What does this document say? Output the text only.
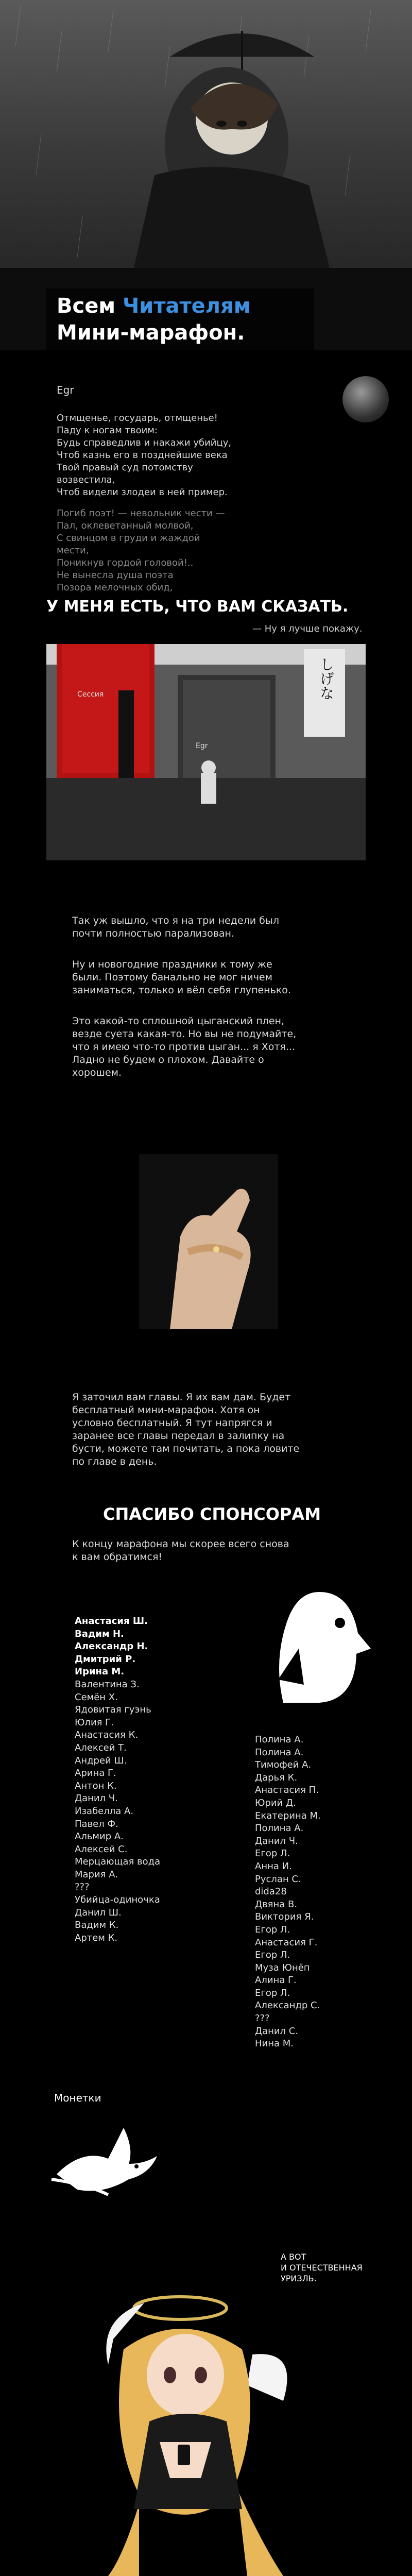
Всем Читателям
Мини-марафон.
Egr
Отмщенье, государь, отмщенье!
Паду к ногам твоим:
Будь справедлив и накажи убийцу,
Чтоб казнь его в позднейшие века
Твой правый суд потомству
возвестила,
Чтоб видели злодеи в ней пример.
Погиб поэт! — невольник чести —
Пал, оклеветанный молвой,
С свинцом в груди и жаждой
мести,
Поникнув гордой головой!..
Не вынесла душа поэта
Позора мелочных обид,
У МЕНЯ ЕСТЬ, ЧТО ВАМ СКАЗАТЬ.
— Ну я лучше покажу.
Сессия
Egr
しげな
Так уж вышло, что я на три недели был
почти полностью парализован.
Ну и новогодние праздники к тому же
были. Поэтому банально не мог ничем
заниматься, только и вёл себя глупенько.
Это какой-то сплошной цыганский плен,
везде суета какая-то. Но вы не подумайте,
что я имею что-то против цыган... я Хотя...
Ладно не будем о плохом. Давайте о
хорошем.
Я заточил вам главы. Я их вам дам. Будет
бесплатный мини-марафон. Хотя он
условно бесплатный. Я тут напрягся и
заранее все главы передал в залипку на
бусти, можете там почитать, а пока ловите
по главе в день.
СПАСИБО СПОНСОРАМ
К концу марафона мы скорее всего снова
к вам обратимся!
Анастасия Ш.
Вадим Н.
Александр Н.
Дмитрий Р.
Ирина М.
Валентина З.
Семён Х.
Ядовитая гуэнь
Юлия Г.
Анастасия К.
Алексей Т.
Андрей Ш.
Арина Г.
Антон К.
Данил Ч.
Изабелла А.
Павел Ф.
Альмир А.
Алексей С.
Мерцающая вода
Мария А.
???
Убийца-одиночка
Данил Ш.
Вадим К.
Артем К.
Полина А.
Полина А.
Тимофей А.
Дарья К.
Анастасия П.
Юрий Д.
Екатерина М.
Полина А.
Данил Ч.
Егор Л.
Анна И.
Руслан С.
dida28
Двяна В.
Виктория Я.
Егор Л.
Анастасия Г.
Егор Л.
Муза Юнёп
Алина Г.
Егор Л.
Александр С.
???
Данил С.
Нина М.
Монетки
А ВОТ
И ОТЕЧЕСТВЕННАЯ
УРИЗЛЬ.
